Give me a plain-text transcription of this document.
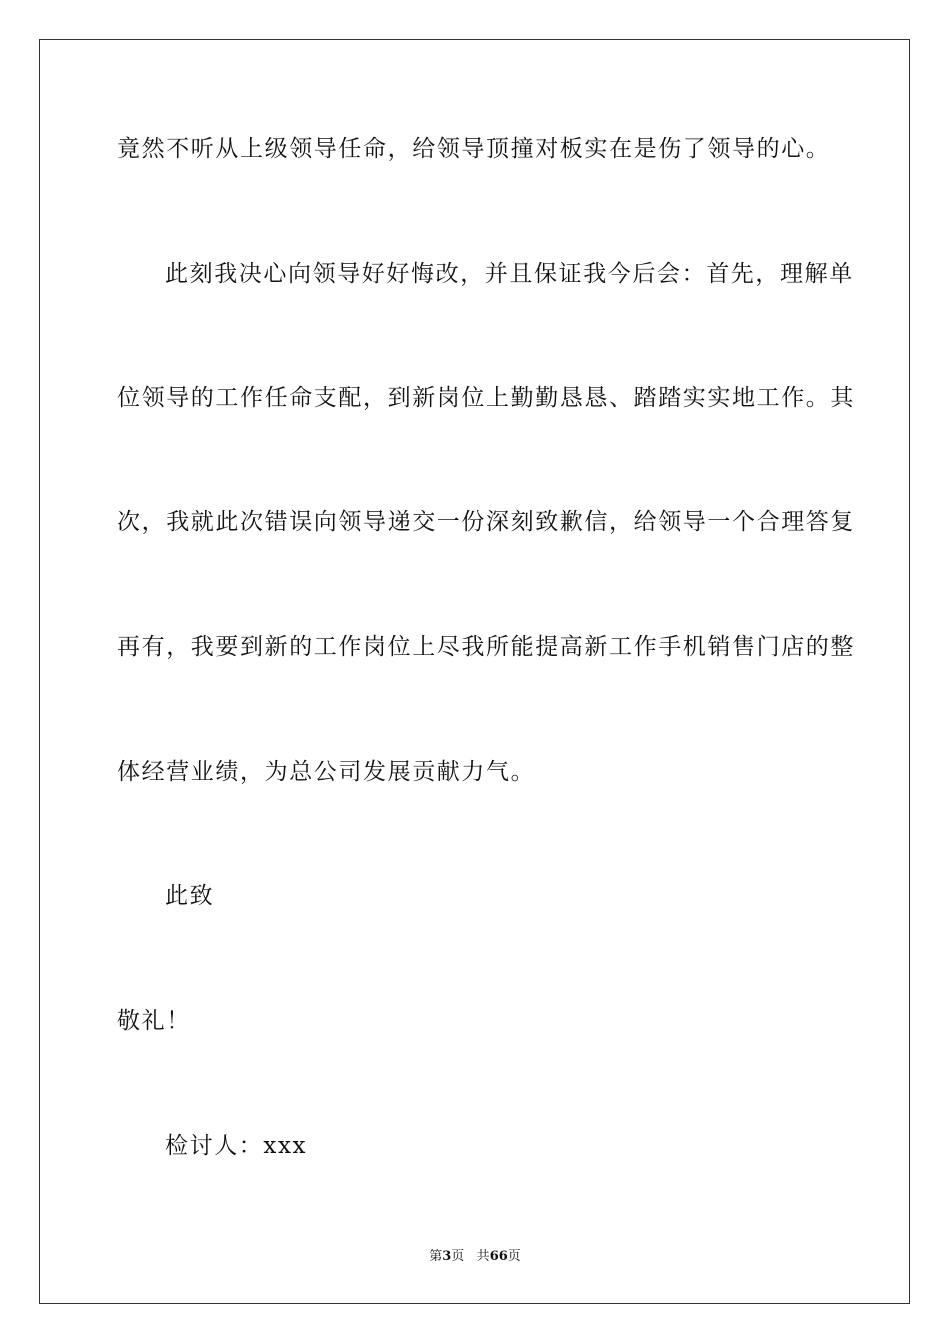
竟然不听从上级领导任命，给领导顶撞对板实在是伤了领导的心。
此刻我决心向领导好好悔改，并且保证我今后会：首先，理解单
位领导的工作任命支配，到新岗位上勤勤恳恳、踏踏实实地工作。其
次，我就此次错误向领导递交一份深刻致歉信，给领导一个合理答复
再有，我要到新的工作岗位上尽我所能提高新工作手机销售门店的整
体经营业绩，为总公司发展贡献力气。
此致
敬礼！
检讨人：xxx
第3页 共66页
